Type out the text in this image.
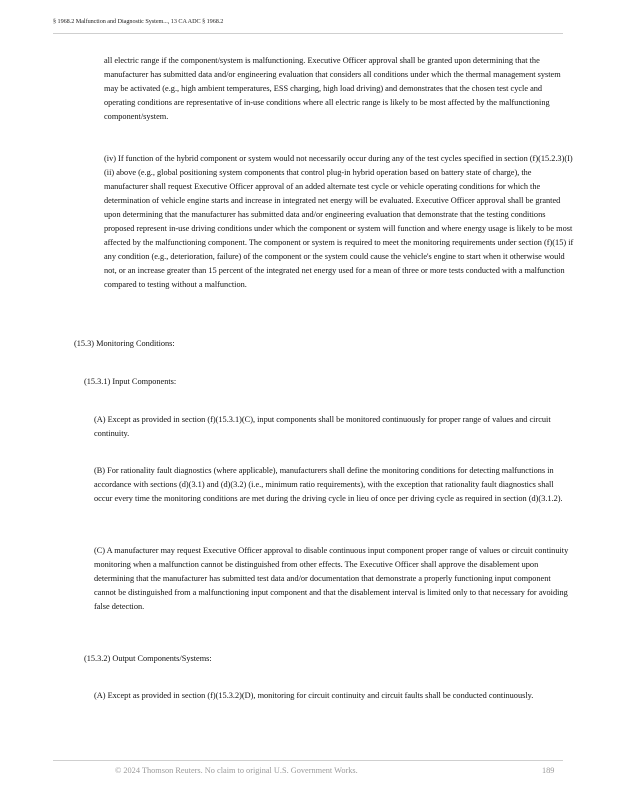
§ 1968.2 Malfunction and Diagnostic System..., 13 CA ADC § 1968.2

all electric range if the component/system is malfunctioning. Executive Officer approval shall be granted upon determining that the manufacturer has submitted data and/or engineering evaluation that considers all conditions under which the thermal management system may be activated (e.g., high ambient temperatures, ESS charging, high load driving) and demonstrates that the chosen test cycle and operating conditions are representative of in-use conditions where all electric range is likely to be most affected by the malfunctioning component/system.

(iv) If function of the hybrid component or system would not necessarily occur during any of the test cycles specified in section (f)(15.2.3)(I)(ii) above (e.g., global positioning system components that control plug-in hybrid operation based on battery state of charge), the manufacturer shall request Executive Officer approval of an added alternate test cycle or vehicle operating conditions for which the determination of vehicle engine starts and increase in integrated net energy will be evaluated. Executive Officer approval shall be granted upon determining that the manufacturer has submitted data and/or engineering evaluation that demonstrate that the testing conditions proposed represent in-use driving conditions under which the component or system will function and where energy usage is likely to be most affected by the malfunctioning component. The component or system is required to meet the monitoring requirements under section (f)(15) if any condition (e.g., deterioration, failure) of the component or the system could cause the vehicle's engine to start when it otherwise would not, or an increase greater than 15 percent of the integrated net energy used for a mean of three or more tests conducted with a malfunction compared to testing without a malfunction.

(15.3) Monitoring Conditions:

(15.3.1) Input Components:

(A) Except as provided in section (f)(15.3.1)(C), input components shall be monitored continuously for proper range of values and circuit continuity.

(B) For rationality fault diagnostics (where applicable), manufacturers shall define the monitoring conditions for detecting malfunctions in accordance with sections (d)(3.1) and (d)(3.2) (i.e., minimum ratio requirements), with the exception that rationality fault diagnostics shall occur every time the monitoring conditions are met during the driving cycle in lieu of once per driving cycle as required in section (d)(3.1.2).

(C) A manufacturer may request Executive Officer approval to disable continuous input component proper range of values or circuit continuity monitoring when a malfunction cannot be distinguished from other effects. The Executive Officer shall approve the disablement upon determining that the manufacturer has submitted test data and/or documentation that demonstrate a properly functioning input component cannot be distinguished from a malfunctioning input component and that the disablement interval is limited only to that necessary for avoiding false detection.

(15.3.2) Output Components/Systems:

(A) Except as provided in section (f)(15.3.2)(D), monitoring for circuit continuity and circuit faults shall be conducted continuously.

© 2024 Thomson Reuters. No claim to original U.S. Government Works.	189
